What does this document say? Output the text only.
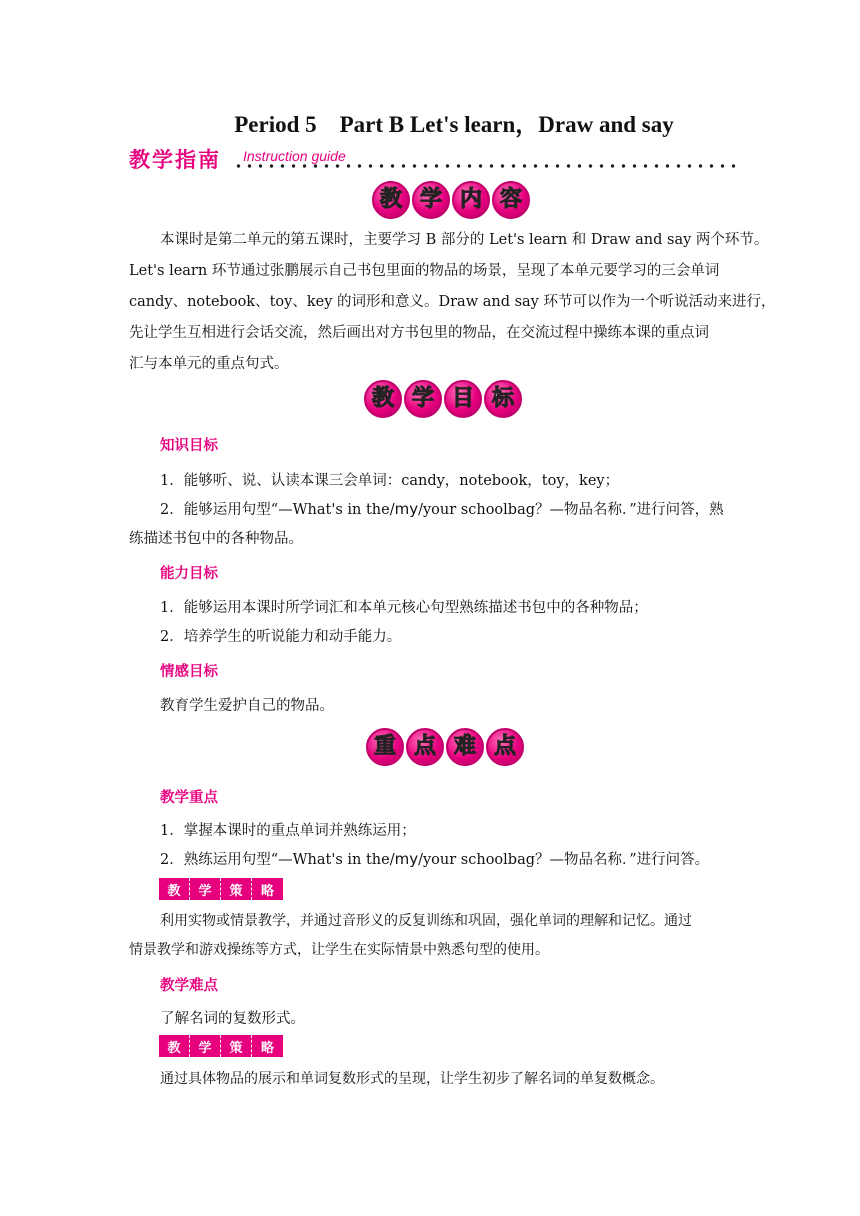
Period 5　Part B Let's learn，Draw and say
教学指南 Instruction guide
教 学 内 容
本课时是第二单元的第五课时，主要学习 B 部分的 Let's learn 和 Draw and say 两个环节。
Let's learn 环节通过张鹏展示自己书包里面的物品的场景，呈现了本单元要学习的三会单词
candy、notebook、toy、key 的词形和意义。Draw and say 环节可以作为一个听说活动来进行，
先让学生互相进行会话交流，然后画出对方书包里的物品，在交流过程中操练本课的重点词
汇与本单元的重点句式。
教 学 目 标
知识目标
1．能够听、说、认读本课三会单词：candy，notebook，toy，key；
2．能够运用句型“—What's in the/my/your schoolbag？—物品名称．”进行问答，熟
练描述书包中的各种物品。
能力目标
1．能够运用本课时所学词汇和本单元核心句型熟练描述书包中的各种物品；
2．培养学生的听说能力和动手能力。
情感目标
教育学生爱护自己的物品。
重 点 难 点
教学重点
1．掌握本课时的重点单词并熟练运用；
2．熟练运用句型“—What's in the/my/your schoolbag？—物品名称．”进行问答。
教	学	策	略
利用实物或情景教学，并通过音形义的反复训练和巩固，强化单词的理解和记忆。通过
情景教学和游戏操练等方式，让学生在实际情景中熟悉句型的使用。
教学难点
了解名词的复数形式。
教	学	策	略
通过具体物品的展示和单词复数形式的呈现，让学生初步了解名词的单复数概念。
